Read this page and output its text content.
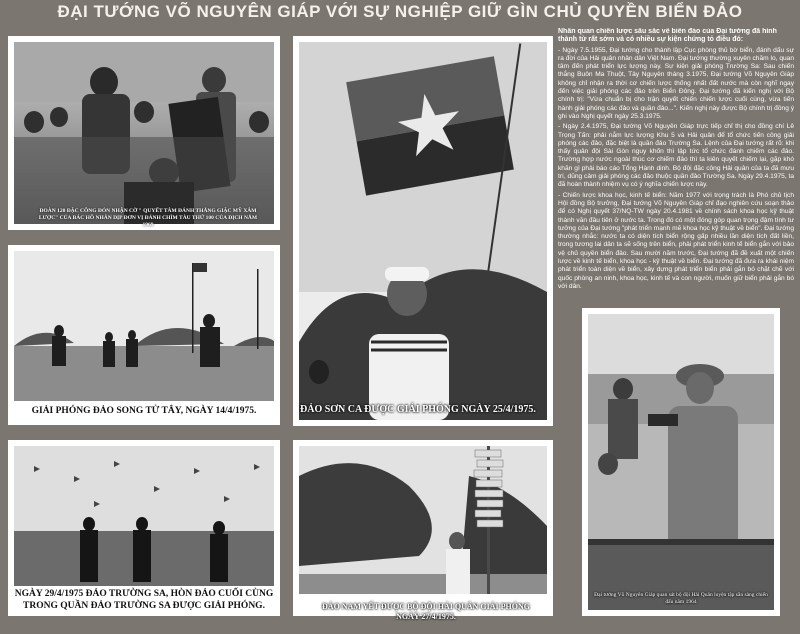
ĐẠI TƯỚNG VÕ NGUYÊN GIÁP VỚI SỰ NGHIỆP GIỮ GÌN CHỦ QUYỀN BIỂN ĐẢO
ĐOÀN 120 ĐẶC CÔNG ĐÓN NHẬN CỜ " QUYẾT TÂM ĐÁNH THẮNG GIẶC MỸ XÂM LƯỢC" CỦA BÁC HỒ NHÂN DỊP ĐƠN VỊ ĐÁNH CHÌM TÀU THỨ 100 CỦA ĐỊCH NĂM 1969
GIẢI PHÓNG ĐẢO SONG TỬ TÂY, NGÀY 14/4/1975.
NGÀY 29/4/1975 ĐẢO TRƯỜNG SA, HÒN ĐẢO CUỐI CÙNG TRONG QUẦN ĐẢO TRƯỜNG SA ĐƯỢC GIẢI PHÓNG.
ĐẢO SƠN CA ĐƯỢC GIẢI PHÓNG NGÀY 25/4/1975.
ĐẢO NAM YẾT ĐƯỢC BỘ ĐỘI HẢI QUÂN GIẢI PHÓNG NGÀY 27/4/1975.
Nhân quan chiến lược sâu sắc về biển đảo của Đại tướng đã hình thành từ rất sớm và có nhiều sự kiện chứng tỏ điều đó:

- Ngày 7.5.1955, Đại tướng cho thành lập Cục phòng thủ bờ biển, đánh dấu sự ra đời của Hải quân nhân dân Việt Nam. Đại tướng thường xuyên chăm lo, quan tâm đến phát triển lực lượng này. Sự kiện giải phóng Trường Sa: Sau chiến thắng Buôn Ma Thuột, Tây Nguyên tháng 3.1975, Đại tướng Võ Nguyên Giáp không chỉ nhận ra thời cơ chiến lược thống nhất đất nước mà còn nghĩ ngay đến việc giải phóng các đảo trên Biển Đông. Đại tướng đã kiến nghị với Bộ chính trị: "Vừa chuẩn bị cho trận quyết chiến chiến lược cuối cùng, vừa tiến hành giải phóng các đảo và quần đảo...". Kiến nghị này được Bộ chính trị đồng ý ghi vào Nghị quyết ngày 25.3.1975.

- Ngày 2.4.1975, Đại tướng Võ Nguyên Giáp trực tiếp chỉ thị cho đồng chí Lê Trọng Tấn: phải nắm lực lượng Khu 5 và Hải quân để tổ chức tiến công giải phóng các đảo, đặc biệt là quần đảo Trường Sa. Lệnh của Đại tướng rất rõ: khi thấy quân đội Sài Gòn nguy khốn thì lập tức tổ chức đánh chiếm các đảo. Trường hợp nước ngoài thúc cơ chiếm đảo thì ta kiên quyết chiếm lại, gặp khó khăn gì phải báo cáo Tổng Hành dinh. Bộ đội đặc công Hải quân của ta đã mưu trí, dũng cảm giải phóng các đảo thuộc quần đảo Trường Sa. Ngày 29.4.1975, ta đã hoàn thành nhiệm vụ có ý nghĩa chiến lược này.

- Chiến lược khoa học, kinh tế biển: Năm 1977 với trọng trách là Phó chủ tịch Hội đồng Bộ trưởng, Đại tướng Võ Nguyên Giáp chỉ đạo nghiên cứu soạn thảo để có Nghị quyết 37/NQ-TW ngày 20.4.1981 về chính sách khoa học kỹ thuật thành văn đầu tiên ở nước ta. Trong đó có một đóng góp quan trọng đậm tính tư tưởng của Đại tướng "phát triển mạnh mẽ khoa học kỹ thuật về biển". Đại tướng thường nhắc: nước ta có diện tích biển rộng gấp nhiều lần diện tích đất liền, trong tương lai dân ta sẽ sống trên biển, phải phát triển kinh tế biển gắn với bảo vệ chủ quyền biển đảo. Sau mười năm trước, Đại tướng đã đề xuất một chiến lược về kinh tế biển, khoa học - kỹ thuật về biển. Đại tướng đã đưa ra khái niệm phát triển toàn diện về biển, xây dựng phát triển biển phải gắn bó chặt chẽ với quốc phòng an ninh, khoa học, kinh tế và con người, muốn giữ biển phải gắn bó với dân.

Đại tướng Võ Nguyên Giáp quan sát bộ đội Hải Quân luyện tập sẵn sàng chiến đấu năm 1964
